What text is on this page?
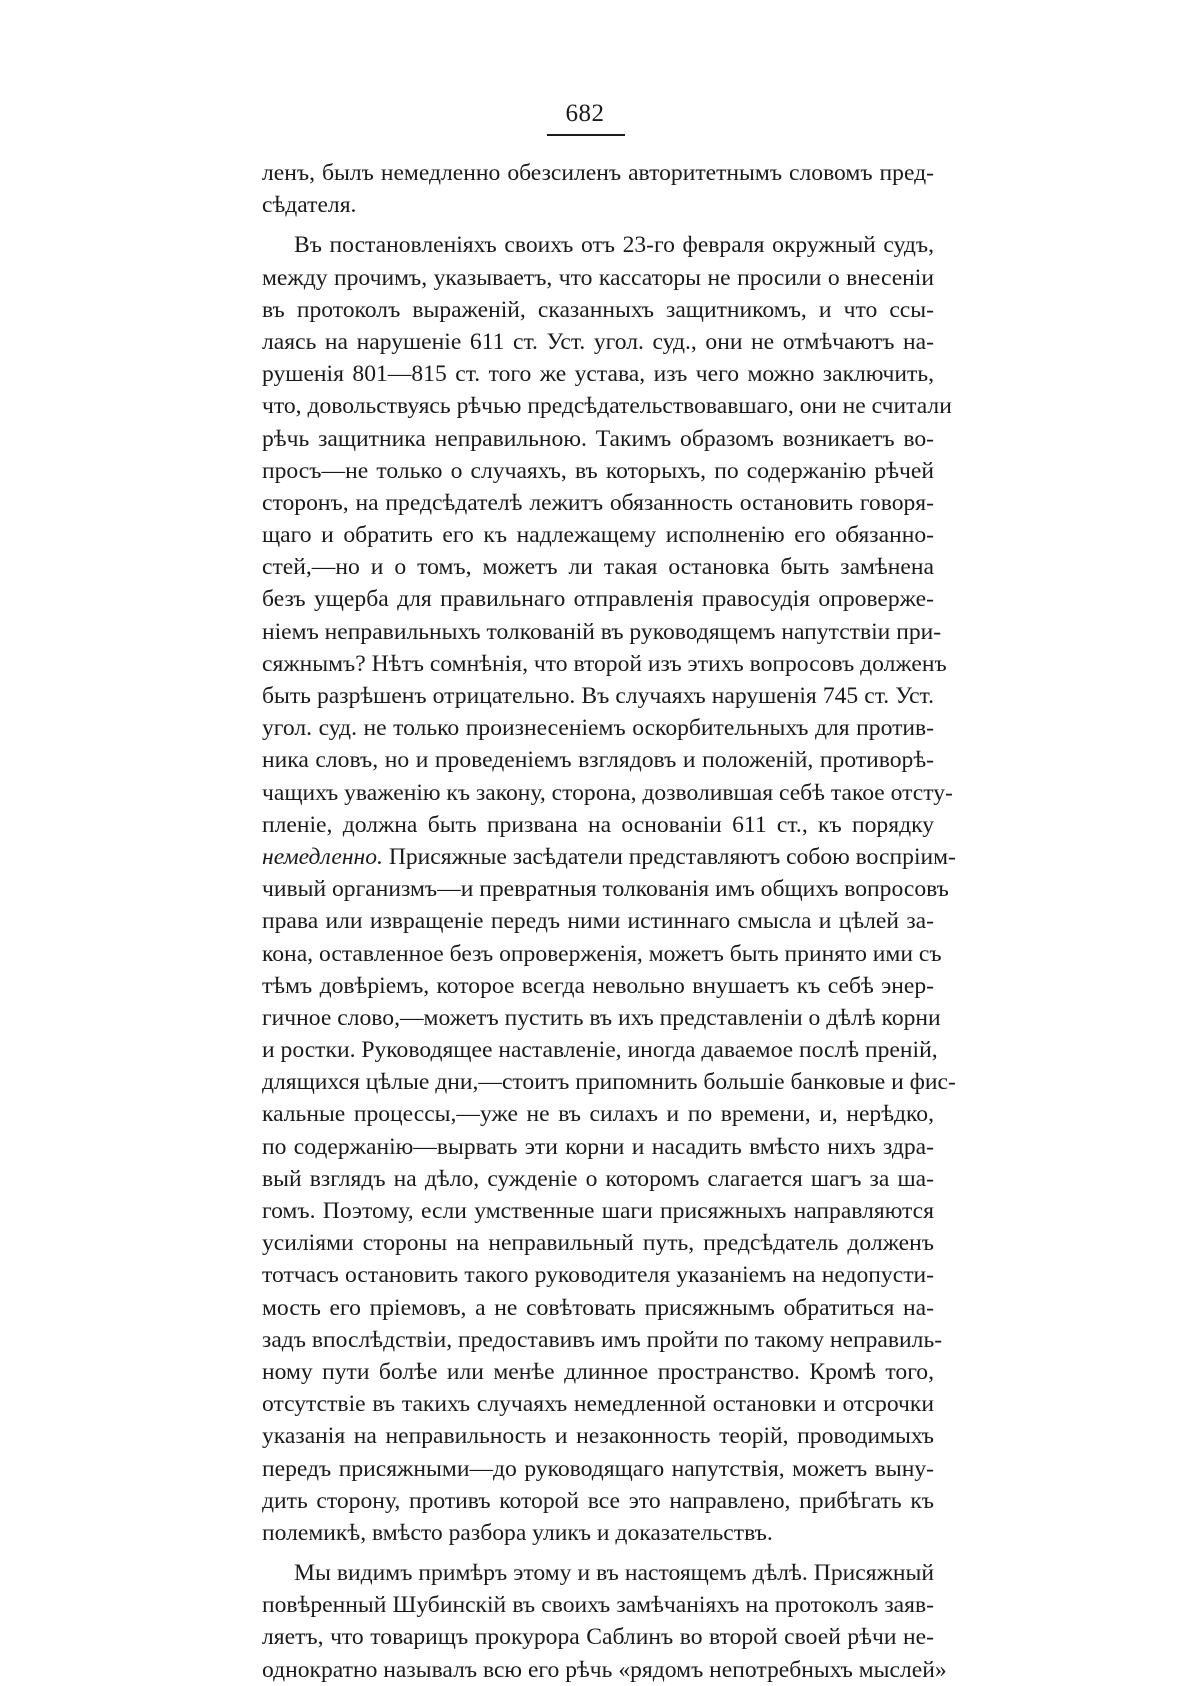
682
ленъ, былъ немедленно обезсиленъ авторитетнымъ словомъ пред-
сѣдателя.
Въ постановленіяхъ своихъ отъ 23-го февраля окружный судъ,
между прочимъ, указываетъ, что кассаторы не просили о внесеніи
въ протоколъ выраженій, сказанныхъ защитникомъ, и что ссы-
лаясь на нарушеніе 611 ст. Уст. угол. суд., они не отмѣчаютъ на-
рушенія 801—815 ст. того же устава, изъ чего можно заключить,
что, довольствуясь рѣчью предсѣдательствовавшаго, они не считали
рѣчь защитника неправильною. Такимъ образомъ возникаетъ во-
просъ—не только о случаяхъ, въ которыхъ, по содержанію рѣчей
сторонъ, на предсѣдателѣ лежитъ обязанность остановить говоря-
щаго и обратить его къ надлежащему исполненію его обязанно-
стей,—но и о томъ, можетъ ли такая остановка быть замѣнена
безъ ущерба для правильнаго отправленія правосудія опроверже-
ніемъ неправильныхъ толкованій въ руководящемъ напутствіи при-
сяжнымъ? Нѣтъ сомнѣнія, что второй изъ этихъ вопросовъ долженъ
быть разрѣшенъ отрицательно. Въ случаяхъ нарушенія 745 ст. Уст.
угол. суд. не только произнесеніемъ оскорбительныхъ для против-
ника словъ, но и проведеніемъ взглядовъ и положеній, противорѣ-
чащихъ уваженію къ закону, сторона, дозволившая себѣ такое отсту-
пленіе, должна быть призвана на основаніи 611 ст., къ порядку
немедленно. Присяжные засѣдатели представляютъ собою воспріим-
чивый организмъ—и превратныя толкованія имъ общихъ вопросовъ
права или извращеніе передъ ними истиннаго смысла и цѣлей за-
кона, оставленное безъ опроверженія, можетъ быть принято ими съ
тѣмъ довѣріемъ, которое всегда невольно внушаетъ къ себѣ энер-
гичное слово,—можетъ пустить въ ихъ представленіи о дѣлѣ корни
и ростки. Руководящее наставленіе, иногда даваемое послѣ преній,
длящихся цѣлые дни,—стоитъ припомнить большіе банковые и фис-
кальные процессы,—уже не въ силахъ и по времени, и, нерѣдко,
по содержанію—вырвать эти корни и насадить вмѣсто нихъ здра-
вый взглядъ на дѣло, сужденіе о которомъ слагается шагъ за ша-
гомъ. Поэтому, если умственные шаги присяжныхъ направляются
усиліями стороны на неправильный путь, предсѣдатель долженъ
тотчасъ остановить такого руководителя указаніемъ на недопусти-
мость его пріемовъ, а не совѣтовать присяжнымъ обратиться на-
задъ впослѣдствіи, предоставивъ имъ пройти по такому неправиль-
ному пути болѣе или менѣе длинное пространство. Кромѣ того,
отсутствіе въ такихъ случаяхъ немедленной остановки и отсрочки
указанія на неправильность и незаконность теорій, проводимыхъ
передъ присяжными—до руководящаго напутствія, можетъ выну-
дить сторону, противъ которой все это направлено, прибѣгать къ
полемикѣ, вмѣсто разбора уликъ и доказательствъ.
Мы видимъ примѣръ этому и въ настоящемъ дѣлѣ. Присяжный
повѣренный Шубинскій въ своихъ замѣчаніяхъ на протоколъ заяв-
ляетъ, что товарищъ прокурора Саблинъ во второй своей рѣчи не-
однократно называлъ всю его рѣчь «рядомъ непотребныхъ мыслей»
